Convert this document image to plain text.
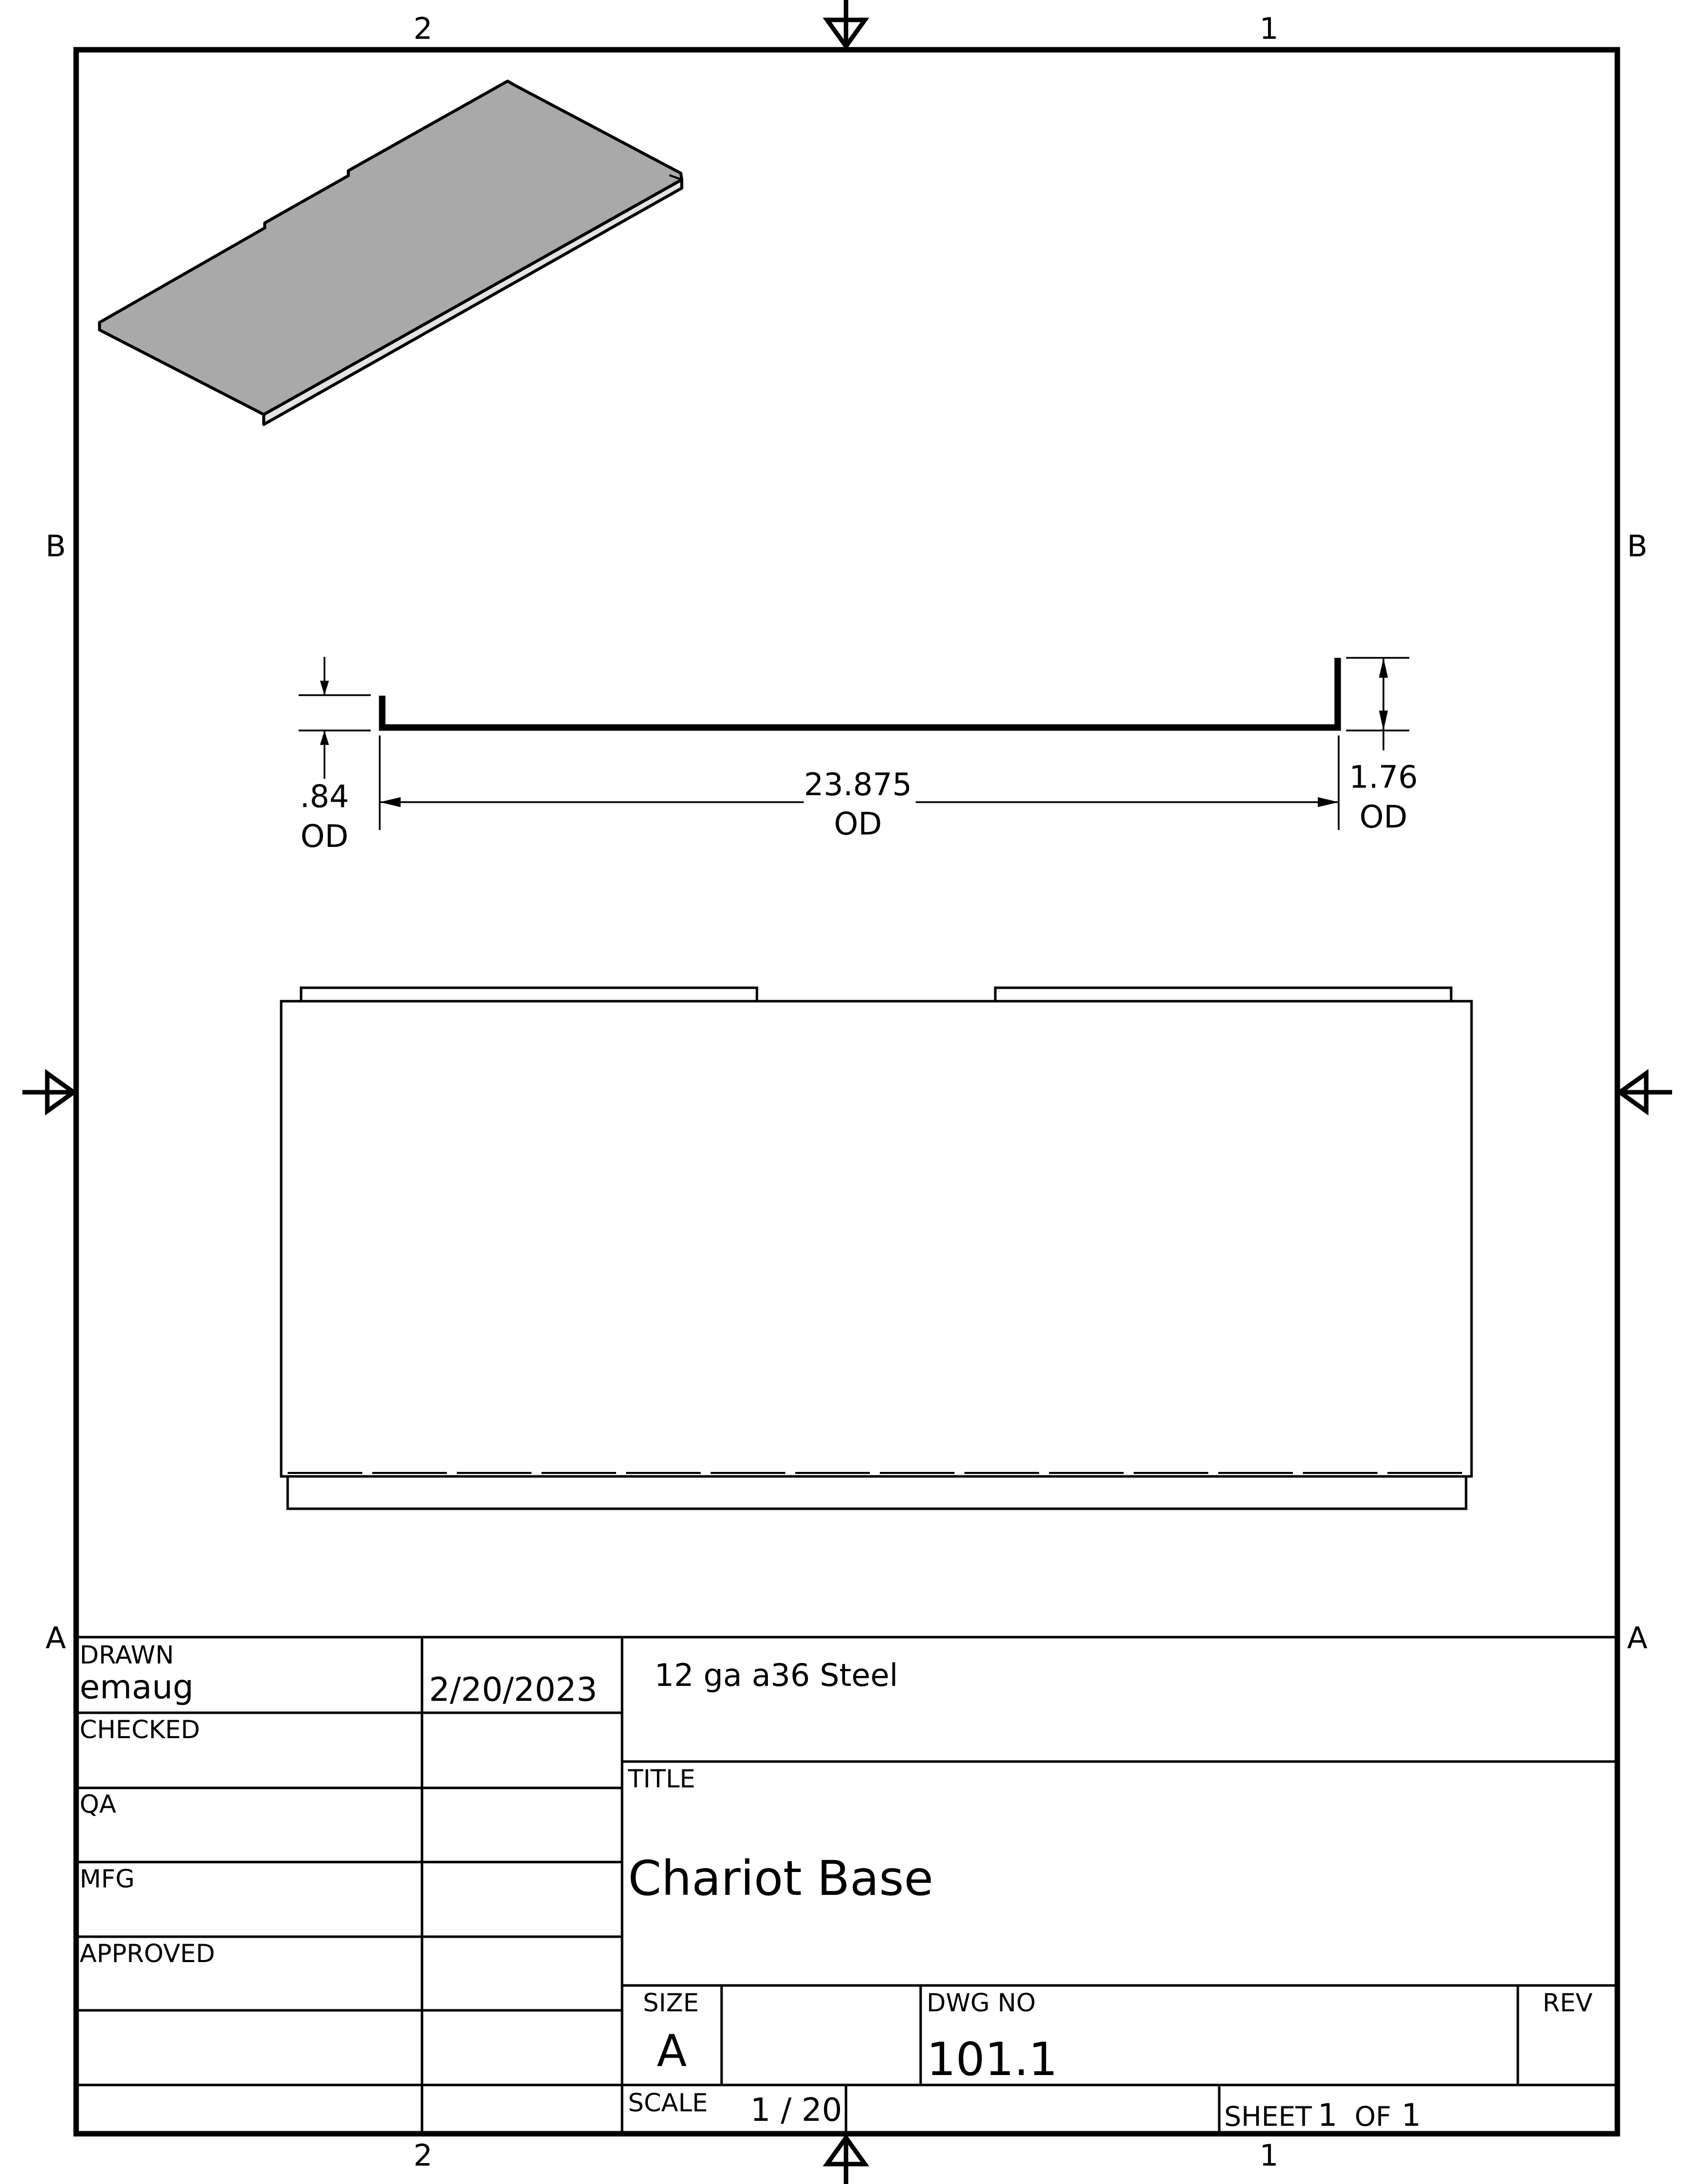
2	1
2	1
B
A
B
A
.84
OD
23.875
OD
1.76
OD
DRAWN
emaug	2/20/2023
CHECKED
QA
MFG
APPROVED
12 ga a36 Steel
TITLE
Chariot Base
SIZE
A
DWG NO
101.1
REV
SCALE 1 / 20	SHEET 1 OF 1
